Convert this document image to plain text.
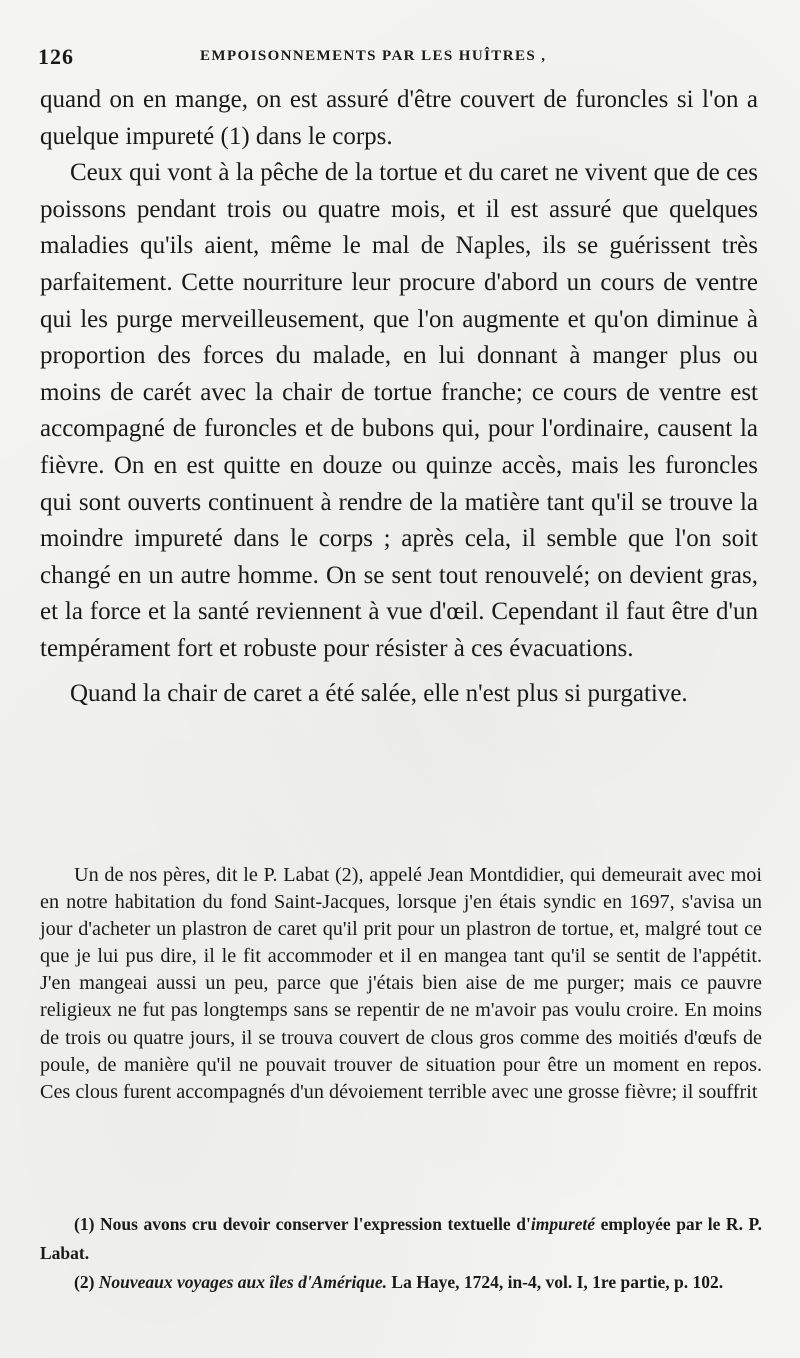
126	EMPOISONNEMENTS PAR LES HUÎTRES ,

quand on en mange, on est assuré d'être couvert de furoncles si l'on a quelque impureté (1) dans le corps.

Ceux qui vont à la pêche de la tortue et du caret ne vivent que de ces poissons pendant trois ou quatre mois, et il est assuré que quelques maladies qu'ils aient, même le mal de Naples, ils se guérissent très parfaitement. Cette nourriture leur procure d'abord un cours de ventre qui les purge merveilleusement, que l'on augmente et qu'on diminue à proportion des forces du malade, en lui donnant à manger plus ou moins de carét avec la chair de tortue franche; ce cours de ventre est accompagné de furoncles et de bubons qui, pour l'ordinaire, causent la fièvre. On en est quitte en douze ou quinze accès, mais les furoncles qui sont ouverts continuent à rendre de la matière tant qu'il se trouve la moindre impureté dans le corps ; après cela, il semble que l'on soit changé en un autre homme. On se sent tout renouvelé; on devient gras, et la force et la santé reviennent à vue d'œil. Cependant il faut être d'un tempérament fort et robuste pour résister à ces évacuations.

Quand la chair de caret a été salée, elle n'est plus si purgative.

Un de nos pères, dit le P. Labat (2), appelé Jean Montdidier, qui demeurait avec moi en notre habitation du fond Saint-Jacques, lorsque j'en étais syndic en 1697, s'avisa un jour d'acheter un plastron de caret qu'il prit pour un plastron de tortue, et, malgré tout ce que je lui pus dire, il le fit accommoder et il en mangea tant qu'il se sentit de l'appétit. J'en mangeai aussi un peu, parce que j'étais bien aise de me purger; mais ce pauvre religieux ne fut pas longtemps sans se repentir de ne m'avoir pas voulu croire. En moins de trois ou quatre jours, il se trouva couvert de clous gros comme des moitiés d'œufs de poule, de manière qu'il ne pouvait trouver de situation pour être un moment en repos. Ces clous furent accompagnés d'un dévoiement terrible avec une grosse fièvre; il souffrit

(1) Nous avons cru devoir conserver l'expression textuelle d'impureté employée par le R. P. Labat.

(2) Nouveaux voyages aux îles d'Amérique. La Haye, 1724, in-4, vol. I, 1re partie, p. 102.
